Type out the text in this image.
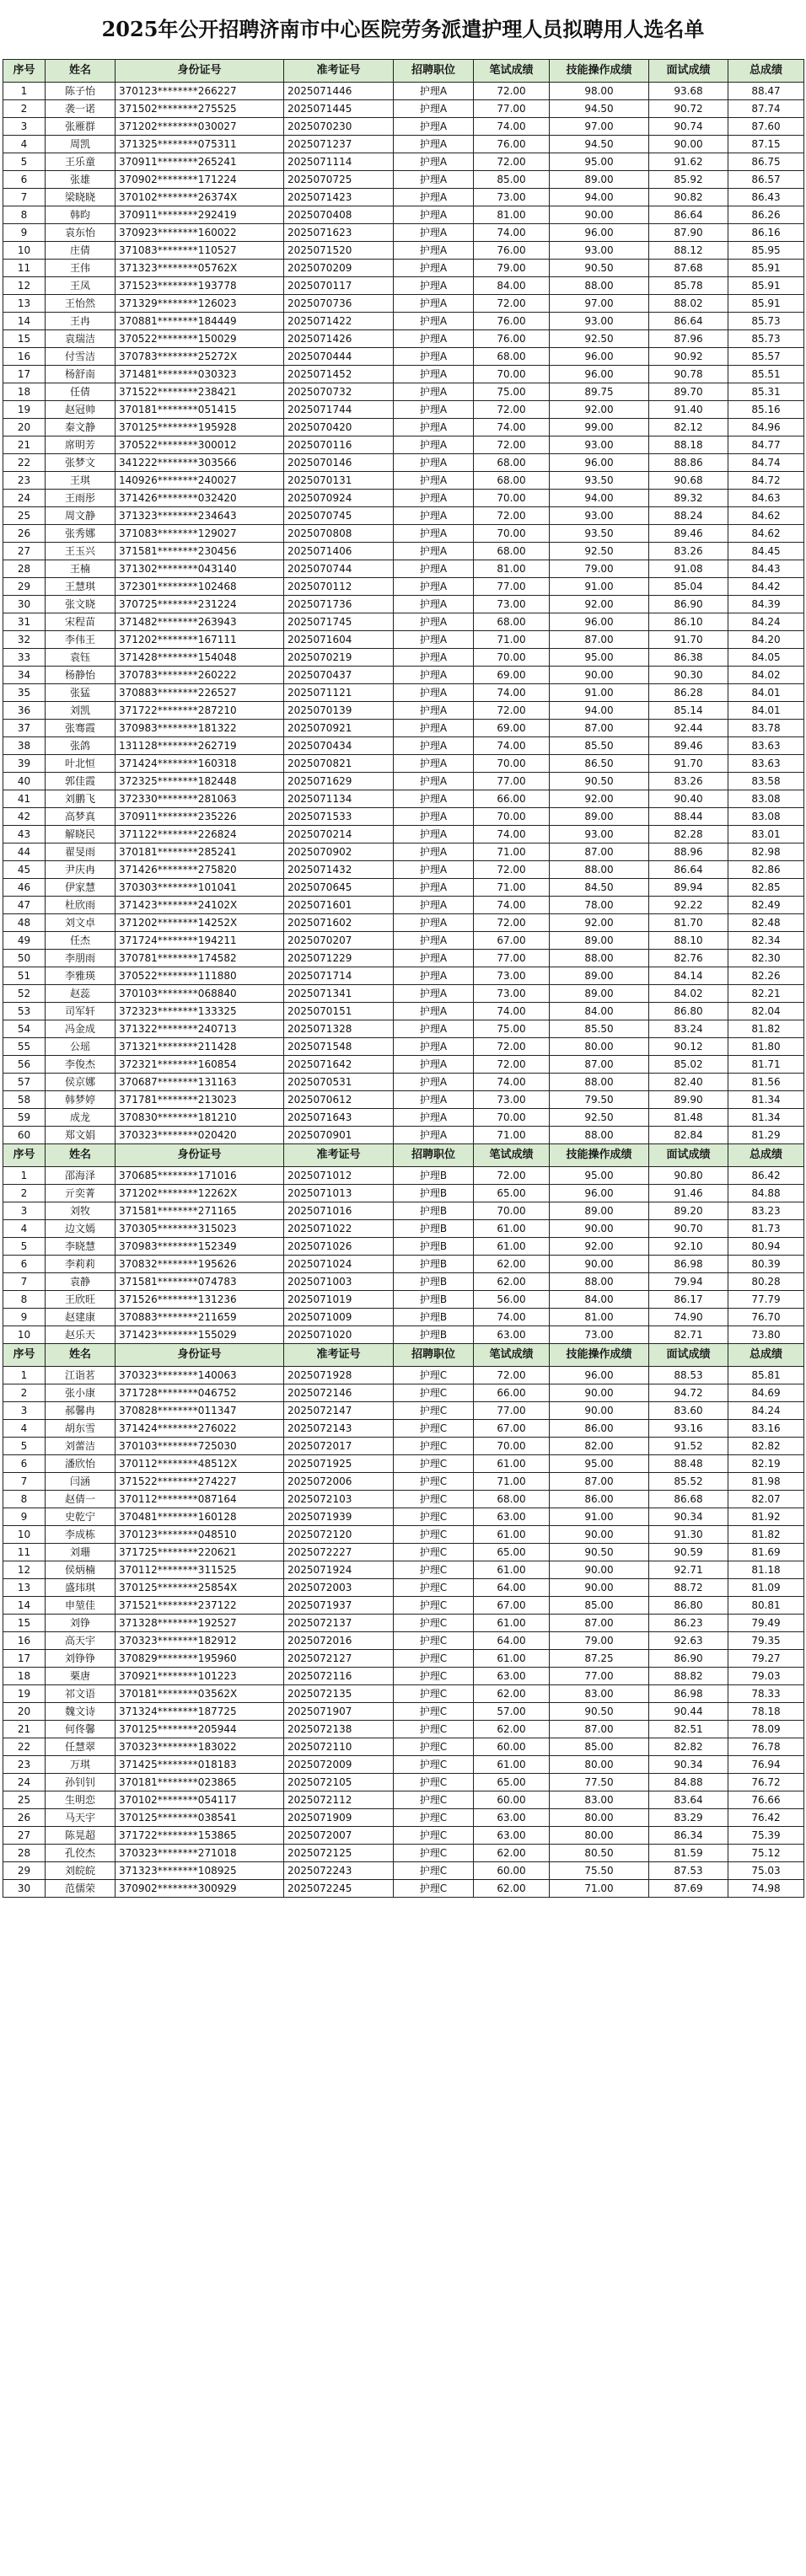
2025年公开招聘济南市中心医院劳务派遣护理人员拟聘用人选名单
序号	姓名	身份证号	准考证号	招聘职位	笔试成绩	技能操作成绩	面试成绩	总成绩
1	陈子怡	370123********266227	2025071446	护理A	72.00	98.00	93.68	88.47
2	袭一诺	371502********275525	2025071445	护理A	77.00	94.50	90.72	87.74
3	张雁群	371202********030027	2025070230	护理A	74.00	97.00	90.74	87.60
4	周凯	371325********075311	2025071237	护理A	76.00	94.50	90.00	87.15
5	王乐童	370911********265241	2025071114	护理A	72.00	95.00	91.62	86.75
6	张雄	370902********171224	2025070725	护理A	85.00	89.00	85.92	86.57
7	梁晓晓	370102********26374X	2025071423	护理A	73.00	94.00	90.82	86.43
8	韩昀	370911********292419	2025070408	护理A	81.00	90.00	86.64	86.26
9	袁东怡	370923********160022	2025071623	护理A	74.00	96.00	87.90	86.16
10	庄倩	371083********110527	2025071520	护理A	76.00	93.00	88.12	85.95
11	王伟	371323********05762X	2025070209	护理A	79.00	90.50	87.68	85.91
12	王凤	371523********193778	2025070117	护理A	84.00	88.00	85.78	85.91
13	王怡然	371329********126023	2025070736	护理A	72.00	97.00	88.02	85.91
14	王冉	370881********184449	2025071422	护理A	76.00	93.00	86.64	85.73
15	袁瑞洁	370522********150029	2025071426	护理A	76.00	92.50	87.96	85.73
16	付雪洁	370783********25272X	2025070444	护理A	68.00	96.00	90.92	85.57
17	杨舒南	371481********030323	2025071452	护理A	70.00	96.00	90.78	85.51
18	任倩	371522********238421	2025070732	护理A	75.00	89.75	89.70	85.31
19	赵冠帅	370181********051415	2025071744	护理A	72.00	92.00	91.40	85.16
20	秦文静	370125********195928	2025070420	护理A	74.00	99.00	82.12	84.96
21	席明芳	370522********300012	2025070116	护理A	72.00	93.00	88.18	84.77
22	张梦文	341222********303566	2025070146	护理A	68.00	96.00	88.86	84.74
23	王琪	140926********240027	2025070131	护理A	68.00	93.50	90.68	84.72
24	王雨彤	371426********032420	2025070924	护理A	70.00	94.00	89.32	84.63
25	周文静	371323********234643	2025070745	护理A	72.00	93.00	88.24	84.62
26	张秀娜	371083********129027	2025070808	护理A	70.00	93.50	89.46	84.62
27	王玉兴	371581********230456	2025071406	护理A	68.00	92.50	83.26	84.45
28	王楠	371302********043140	2025070744	护理A	81.00	79.00	91.08	84.43
29	王慧琪	372301********102468	2025070112	护理A	77.00	91.00	85.04	84.42
30	张文晓	370725********231224	2025071736	护理A	73.00	92.00	86.90	84.39
31	宋程苗	371482********263943	2025071745	护理A	68.00	96.00	86.10	84.24
32	李伟王	371202********167111	2025071604	护理A	71.00	87.00	91.70	84.20
33	袁钰	371428********154048	2025070219	护理A	70.00	95.00	86.38	84.05
34	杨静怡	370783********260222	2025070437	护理A	69.00	90.00	90.30	84.02
35	张猛	370883********226527	2025071121	护理A	74.00	91.00	86.28	84.01
36	刘凯	371722********287210	2025070139	护理A	72.00	94.00	85.14	84.01
37	张骞霞	370983********181322	2025070921	护理A	69.00	87.00	92.44	83.78
38	张鸽	131128********262719	2025070434	护理A	74.00	85.50	89.46	83.63
39	叶北恒	371424********160318	2025070821	护理A	70.00	86.50	91.70	83.63
40	郭佳霞	372325********182448	2025071629	护理A	77.00	90.50	83.26	83.58
41	刘鹏飞	372330********281063	2025071134	护理A	66.00	92.00	90.40	83.08
42	高梦真	370911********235226	2025071533	护理A	70.00	89.00	88.44	83.08
43	解晓民	371122********226824	2025070214	护理A	74.00	93.00	82.28	83.01
44	翟旻雨	370181********285241	2025070902	护理A	71.00	87.00	88.96	82.98
45	尹庆冉	371426********275820	2025071432	护理A	72.00	88.00	86.64	82.86
46	伊家慧	370303********101041	2025070645	护理A	71.00	84.50	89.94	82.85
47	杜欣雨	371423********24102X	2025071601	护理A	74.00	78.00	92.22	82.49
48	刘文卓	371202********14252X	2025071602	护理A	72.00	92.00	81.70	82.48
49	任杰	371724********194211	2025070207	护理A	67.00	89.00	88.10	82.34
50	李朋雨	370781********174582	2025071229	护理A	77.00	88.00	82.76	82.30
51	李雅瑛	370522********111880	2025071714	护理A	73.00	89.00	84.14	82.26
52	赵蕊	370103********068840	2025071341	护理A	73.00	89.00	84.02	82.21
53	司军轩	372323********133325	2025070151	护理A	74.00	84.00	86.80	82.04
54	冯金成	371322********240713	2025071328	护理A	75.00	85.50	83.24	81.82
55	公瑶	371321********211428	2025071548	护理A	72.00	80.00	90.12	81.80
56	李俊杰	372321********160854	2025071642	护理A	72.00	87.00	85.02	81.71
57	侯京娜	370687********131163	2025070531	护理A	74.00	88.00	82.40	81.56
58	韩梦婷	371781********213023	2025070612	护理A	73.00	79.50	89.90	81.34
59	成龙	370830********181210	2025071643	护理A	70.00	92.50	81.48	81.34
60	郑文娟	370323********020420	2025070901	护理A	71.00	88.00	82.84	81.29
序号	姓名	身份证号	准考证号	招聘职位	笔试成绩	技能操作成绩	面试成绩	总成绩
1	邵海泽	370685********171016	2025071012	护理B	72.00	95.00	90.80	86.42
2	亓奕菁	371202********12262X	2025071013	护理B	65.00	96.00	91.46	84.88
3	刘牧	371581********271165	2025071016	护理B	70.00	89.00	89.20	83.23
4	边文嫣	370305********315023	2025071022	护理B	61.00	90.00	90.70	81.73
5	李晓慧	370983********152349	2025071026	护理B	61.00	92.00	92.10	80.94
6	李莉莉	370832********195626	2025071024	护理B	62.00	90.00	86.98	80.39
7	袁静	371581********074783	2025071003	护理B	62.00	88.00	79.94	80.28
8	王欣旺	371526********131236	2025071019	护理B	56.00	84.00	86.17	77.79
9	赵建康	370883********211659	2025071009	护理B	74.00	81.00	74.90	76.70
10	赵乐天	371423********155029	2025071020	护理B	63.00	73.00	82.71	73.80
序号	姓名	身份证号	准考证号	招聘职位	笔试成绩	技能操作成绩	面试成绩	总成绩
1	江诣茗	370323********140063	2025071928	护理C	72.00	96.00	88.53	85.81
2	张小康	371728********046752	2025072146	护理C	66.00	90.00	94.72	84.69
3	郝馨冉	370828********011347	2025072147	护理C	77.00	90.00	83.60	84.24
4	胡东雪	371424********276022	2025072143	护理C	67.00	86.00	93.16	83.16
5	刘蕾洁	370103********725030	2025072017	护理C	70.00	82.00	91.52	82.82
6	潘欣怡	370112********48512X	2025071925	护理C	61.00	95.00	88.48	82.19
7	闫涵	371522********274227	2025072006	护理C	71.00	87.00	85.52	81.98
8	赵倩一	370112********087164	2025072103	护理C	68.00	86.00	86.68	82.07
9	史乾宁	370481********160128	2025071939	护理C	63.00	91.00	90.34	81.92
10	李成栋	370123********048510	2025072120	护理C	61.00	90.00	91.30	81.82
11	刘珊	371725********220621	2025072227	护理C	65.00	90.50	90.59	81.69
12	侯炳楠	370112********311525	2025071924	护理C	61.00	90.00	92.71	81.18
13	盛玮琪	370125********25854X	2025072003	护理C	64.00	90.00	88.72	81.09
14	申堃佳	371521********237122	2025071937	护理C	67.00	85.00	86.80	80.81
15	刘铮	371328********192527	2025072137	护理C	61.00	87.00	86.23	79.49
16	高天宇	370323********182912	2025072016	护理C	64.00	79.00	92.63	79.35
17	刘铮铮	370829********195960	2025072127	护理C	61.00	87.25	86.90	79.27
18	栗唐	370921********101223	2025072116	护理C	63.00	77.00	88.82	79.03
19	祁文语	370181********03562X	2025072135	护理C	62.00	83.00	86.98	78.33
20	魏文诗	371324********187725	2025071907	护理C	57.00	90.50	90.44	78.18
21	何佟馨	370125********205944	2025072138	护理C	62.00	87.00	82.51	78.09
22	任慧翠	370323********183022	2025072110	护理C	60.00	85.00	82.82	76.78
23	万琪	371425********018183	2025072009	护理C	61.00	80.00	90.34	76.94
24	孙钊钊	370181********023865	2025072105	护理C	65.00	77.50	84.88	76.72
25	生明恋	370102********054117	2025072112	护理C	60.00	83.00	83.64	76.66
26	马天宇	370125********038541	2025071909	护理C	63.00	80.00	83.29	76.42
27	陈晃超	371722********153865	2025072007	护理C	63.00	80.00	86.34	75.39
28	孔佼杰	370323********271018	2025072125	护理C	62.00	80.50	81.59	75.12
29	刘皖皖	371323********108925	2025072243	护理C	60.00	75.50	87.53	75.03
30	范儒荣	370902********300929	2025072245	护理C	62.00	71.00	87.69	74.98
